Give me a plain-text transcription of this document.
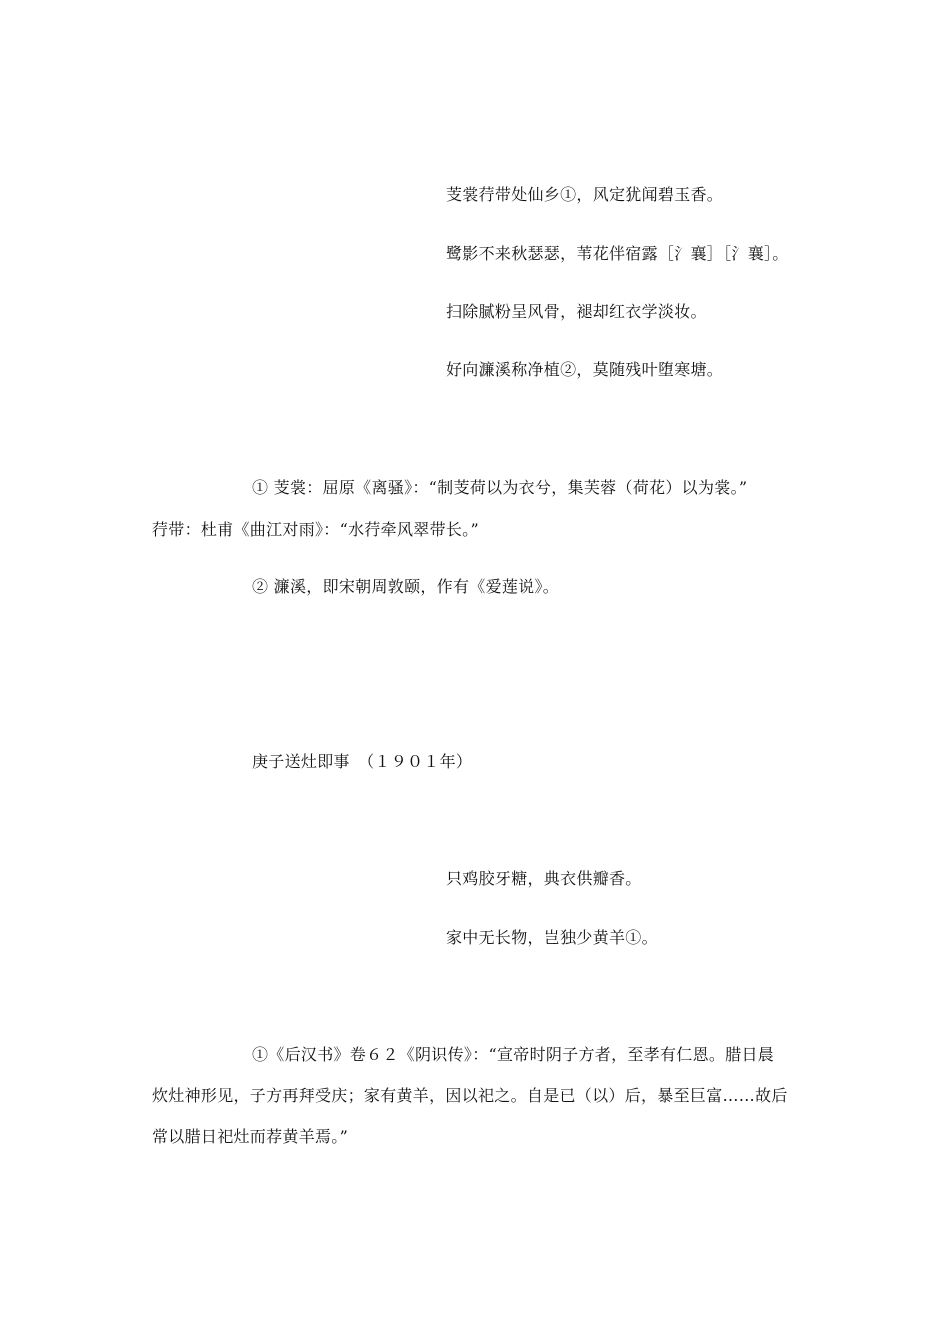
芰裳荇带处仙乡①，风定犹闻碧玉香。
鹭影不来秋瑟瑟，苇花伴宿露［氵襄］［氵襄］。
扫除腻粉呈风骨，褪却红衣学淡妆。
好向濂溪称净植②，莫随残叶堕寒塘。
① 芰裳：屈原《离骚》：“制芰荷以为衣兮，集芙蓉（荷花）以为裳。”
荇带：杜甫《曲江对雨》：“水荇牵风翠带长。”
② 濂溪，即宋朝周敦颐，作有《爱莲说》。
庚子送灶即事　（１９０１年）
只鸡胶牙糖，典衣供瓣香。
家中无长物，岂独少黄羊①。
①《后汉书》卷６２《阴识传》：“宣帝时阴子方者，至孝有仁恩。腊日晨
炊灶神形见，子方再拜受庆；家有黄羊，因以祀之。自是已（以）后，暴至巨富……故后
常以腊日祀灶而荐黄羊焉。”
